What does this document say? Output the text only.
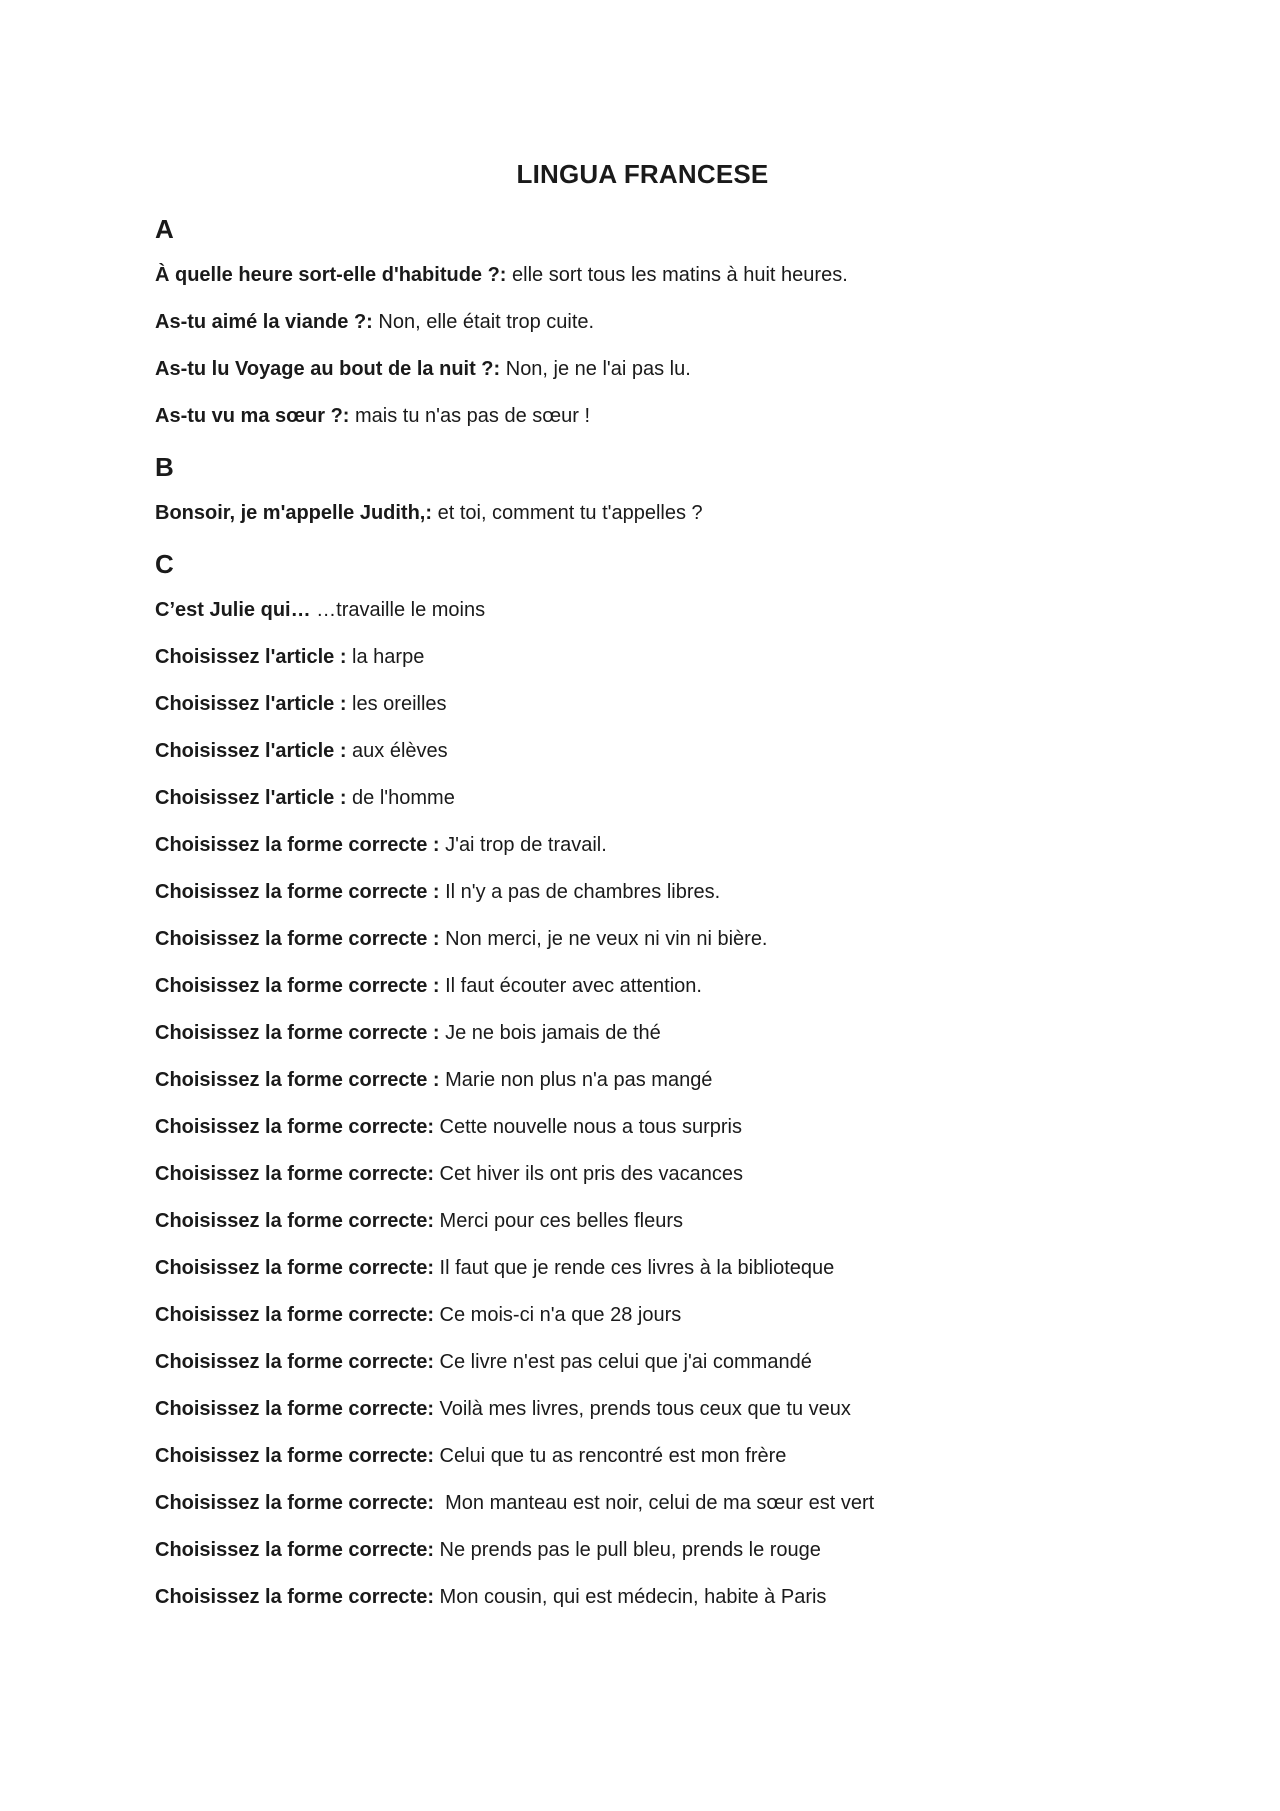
LINGUA FRANCESE
A
À quelle heure sort-elle d'habitude ?: elle sort tous les matins à huit heures.
As-tu aimé la viande ?: Non, elle était trop cuite.
As-tu lu Voyage au bout de la nuit ?: Non, je ne l'ai pas lu.
As-tu vu ma sœur ?: mais tu n'as pas de sœur !
B
Bonsoir, je m'appelle Judith,: et toi, comment tu t'appelles ?
C
C’est Julie qui… …travaille le moins
Choisissez l'article : la harpe
Choisissez l'article : les oreilles
Choisissez l'article : aux élèves
Choisissez l'article : de l'homme
Choisissez la forme correcte : J'ai trop de travail.
Choisissez la forme correcte : Il n'y a pas de chambres libres.
Choisissez la forme correcte : Non merci, je ne veux ni vin ni bière.
Choisissez la forme correcte : Il faut écouter avec attention.
Choisissez la forme correcte : Je ne bois jamais de thé
Choisissez la forme correcte : Marie non plus n'a pas mangé
Choisissez la forme correcte: Cette nouvelle nous a tous surpris
Choisissez la forme correcte: Cet hiver ils ont pris des vacances
Choisissez la forme correcte: Merci pour ces belles fleurs
Choisissez la forme correcte: Il faut que je rende ces livres à la biblioteque
Choisissez la forme correcte: Ce mois-ci n'a que 28 jours
Choisissez la forme correcte: Ce livre n'est pas celui que j'ai commandé
Choisissez la forme correcte: Voilà mes livres, prends tous ceux que tu veux
Choisissez la forme correcte: Celui que tu as rencontré est mon frère
Choisissez la forme correcte:  Mon manteau est noir, celui de ma sœur est vert
Choisissez la forme correcte: Ne prends pas le pull bleu, prends le rouge
Choisissez la forme correcte: Mon cousin, qui est médecin, habite à Paris
